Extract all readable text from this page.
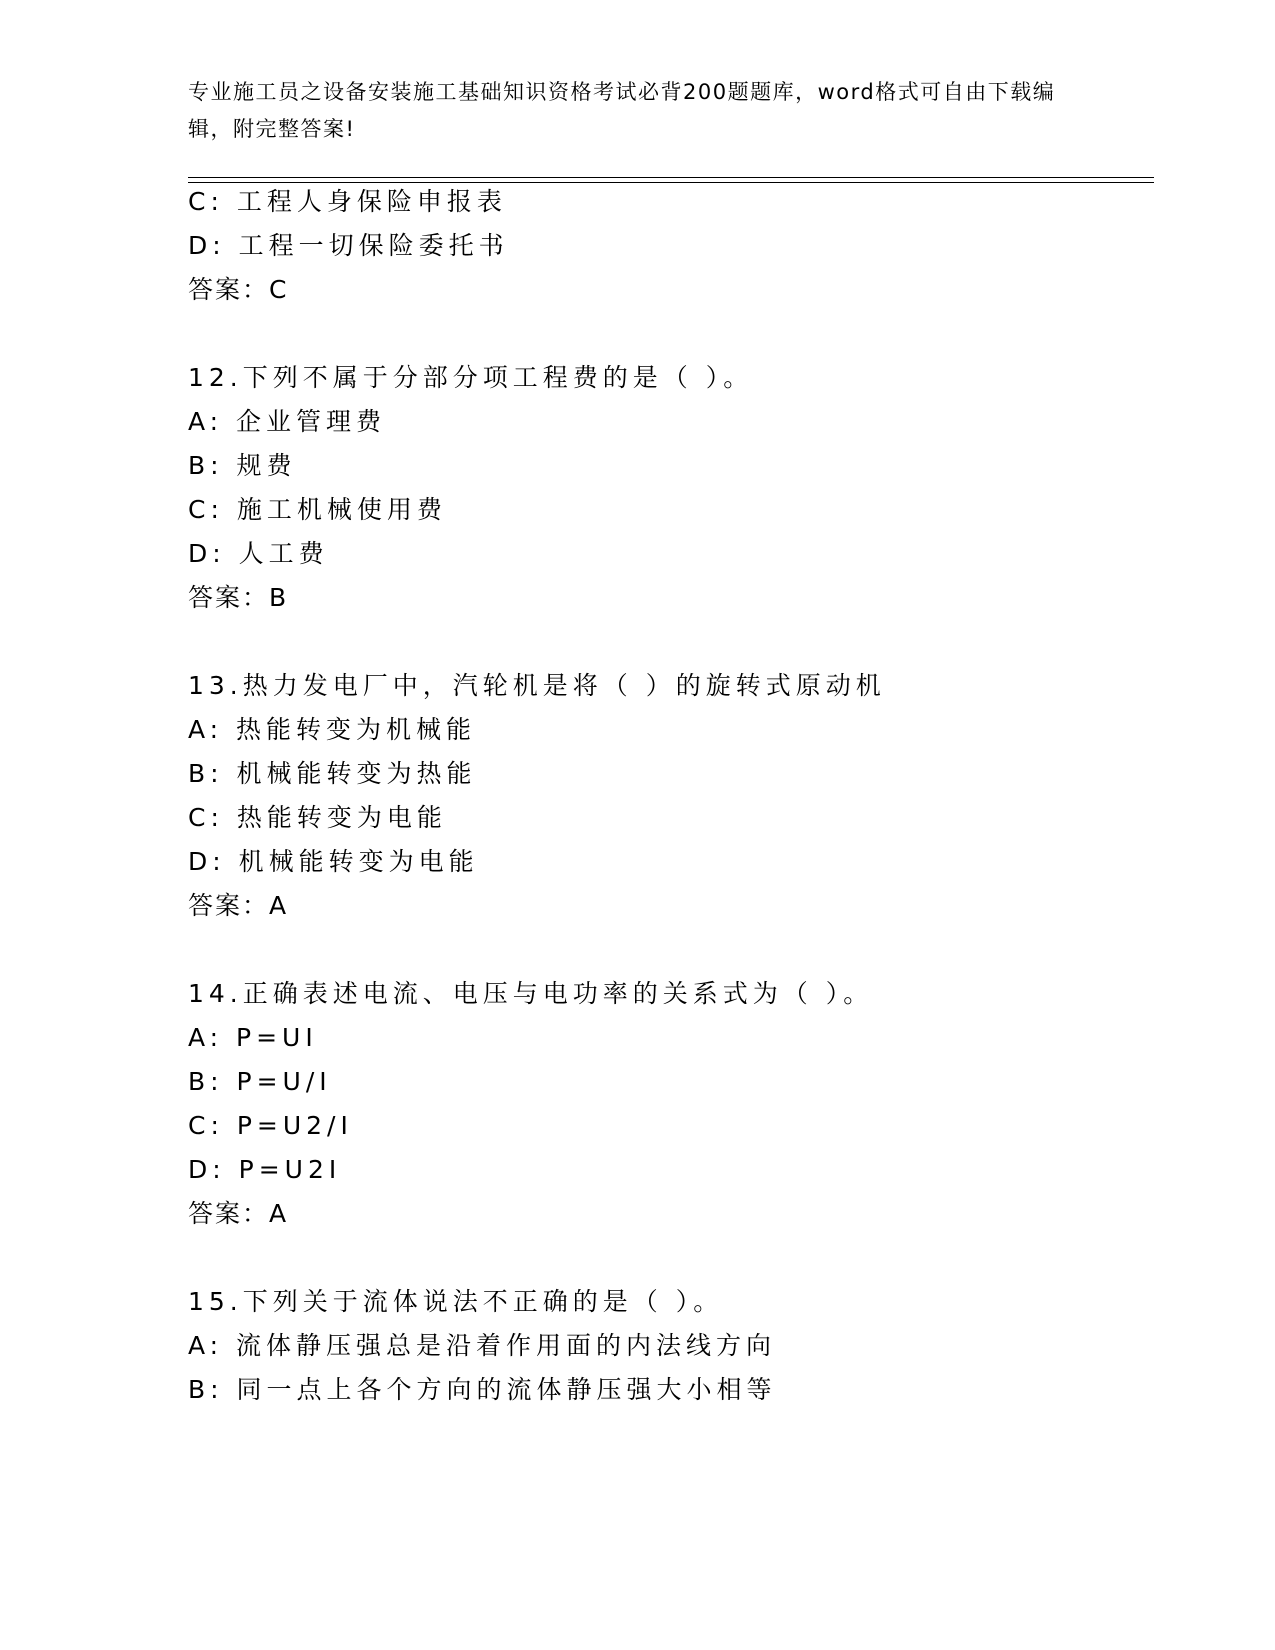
专业施工员之设备安装施工基础知识资格考试必背200题题库，word格式可自由下载编辑，附完整答案!
C: 工程人身保险申报表
D: 工程一切保险委托书
答案：C
12.下列不属于分部分项工程费的是（ ）。
A: 企业管理费
B: 规费
C: 施工机械使用费
D: 人工费
答案：B
13.热力发电厂中，汽轮机是将（ ）的旋转式原动机
A: 热能转变为机械能
B: 机械能转变为热能
C: 热能转变为电能
D: 机械能转变为电能
答案：A
14.正确表述电流、电压与电功率的关系式为（ ）。
A: P=UI
B: P=U/I
C: P=U2/I
D: P=U2I
答案：A
15.下列关于流体说法不正确的是（ ）。
A: 流体静压强总是沿着作用面的内法线方向
B: 同一点上各个方向的流体静压强大小相等
